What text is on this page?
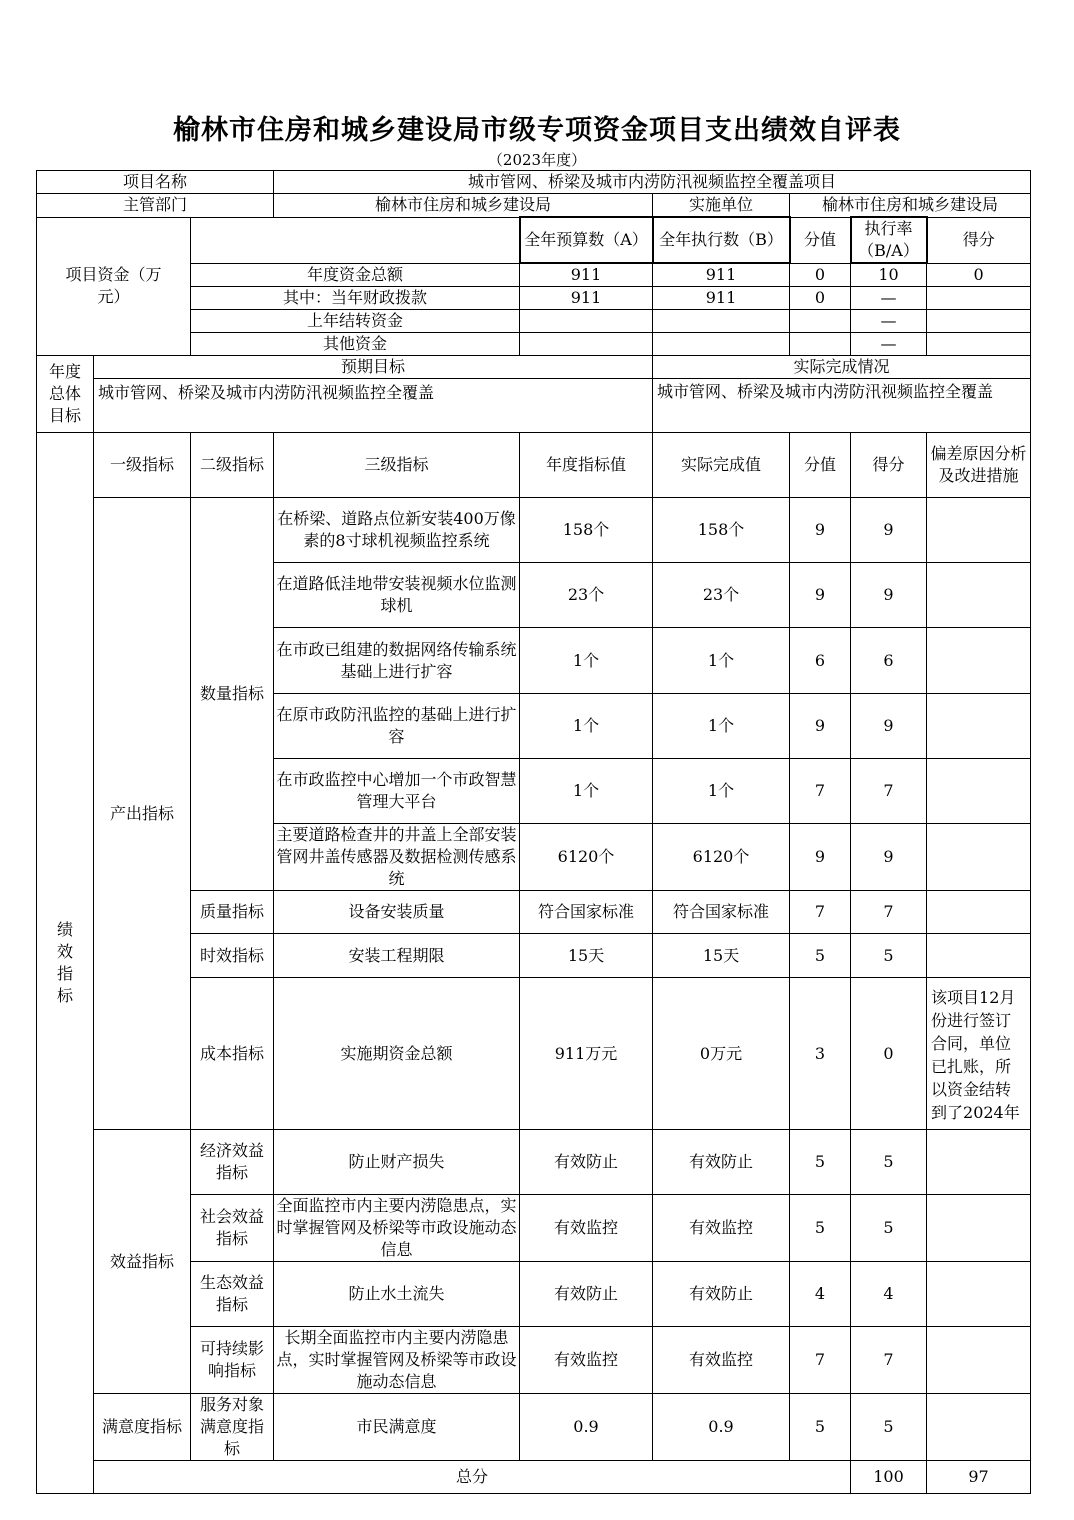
榆林市住房和城乡建设局市级专项资金项目支出绩效自评表
（2023年度）
项目名称			城市管网、桥梁及城市内涝防汛视频监控全覆盖项目						
主管部门			榆林市住房和城乡建设局		实施单位	榆林市住房和城乡建设局			
项目资金（万元）				全年预算数（A）	全年执行数（B）	分值	执行率（B/A）	得分	
		年度资金总额		911	911	0	10	0	
		其中：当年财政拨款		911	911	0	—		
		上年结转资金					—		
		其他资金					—		
年度总体目标	预期目标				实际完成情况				
	城市管网、桥梁及城市内涝防汛视频监控全覆盖				城市管网、桥梁及城市内涝防汛视频监控全覆盖				
绩效指标	一级指标	二级指标	三级指标	年度指标值	实际完成值	分值	得分	偏差原因分析及改进措施	
	产出指标	数量指标	在桥梁、道路点位新安装400万像素的8寸球机视频监控系统	158个	158个	9	9		
			在道路低洼地带安装视频水位监测球机	23个	23个	9	9		
			在市政已组建的数据网络传输系统基础上进行扩容	1个	1个	6	6		
			在原市政防汛监控的基础上进行扩容	1个	1个	9	9		
			在市政监控中心增加一个市政智慧管理大平台	1个	1个	7	7		
			主要道路检查井的井盖上全部安装管网井盖传感器及数据检测传感系统	6120个	6120个	9	9		
		质量指标	设备安装质量	符合国家标准	符合国家标准	7	7		
		时效指标	安装工程期限	15天	15天	5	5		
		成本指标	实施期资金总额	911万元	0万元	3	0	该项目12月份进行签订合同，单位已扎账，所以资金结转到了2024年	
	效益指标	经济效益指标	防止财产损失	有效防止	有效防止	5	5		
		社会效益指标	全面监控市内主要内涝隐患点，实时掌握管网及桥梁等市政设施动态信息	有效监控	有效监控	5	5		
		生态效益指标	防止水土流失	有效防止	有效防止	4	4		
		可持续影响指标	长期全面监控市内主要内涝隐患点，实时掌握管网及桥梁等市政设施动态信息	有效监控	有效监控	7	7		
	满意度指标	服务对象满意度指标	市民满意度	0.9	0.9	5	5		
	总分						100	97	
